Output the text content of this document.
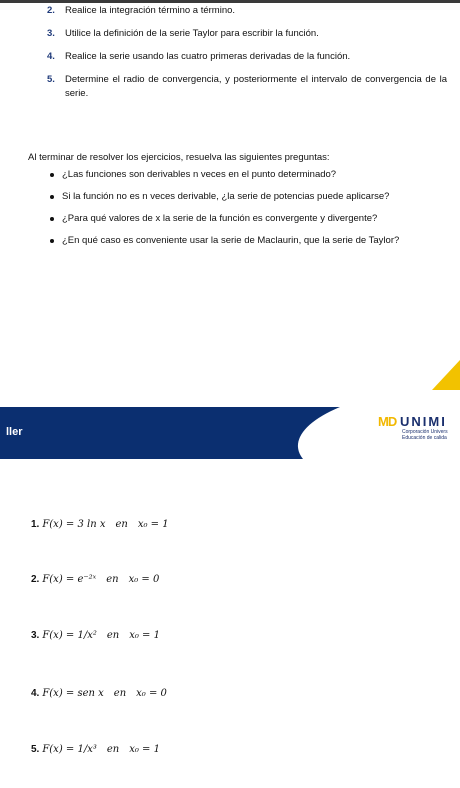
2. Realice la integración término a término.
3. Utilice la definición de la serie Taylor para escribir la función.
4. Realice la serie usando las cuatro primeras derivadas de la función.
5. Determine el radio de convergencia, y posteriormente el intervalo de convergencia de la serie.
Al terminar de resolver los ejercicios, resuelva las siguientes preguntas:
¿Las funciones son derivables n veces en el punto determinado?
Si la función no es n veces derivable, ¿la serie de potencias puede aplicarse?
¿Para qué valores de x la serie de la función es convergente y divergente?
¿En qué caso es conveniente usar la serie de Maclaurin, que la serie de Taylor?
ller
MD UNIMI
Corporación Univers
Educación de calida
1. F(x) = 3 ln x en x₀ = 1
2. F(x) = e⁻²ˣ en x₀ = 0
3. F(x) = 1/x² en x₀ = 1
4. F(x) = sen x en x₀ = 0
5. F(x) = 1/x³ en x₀ = 1
